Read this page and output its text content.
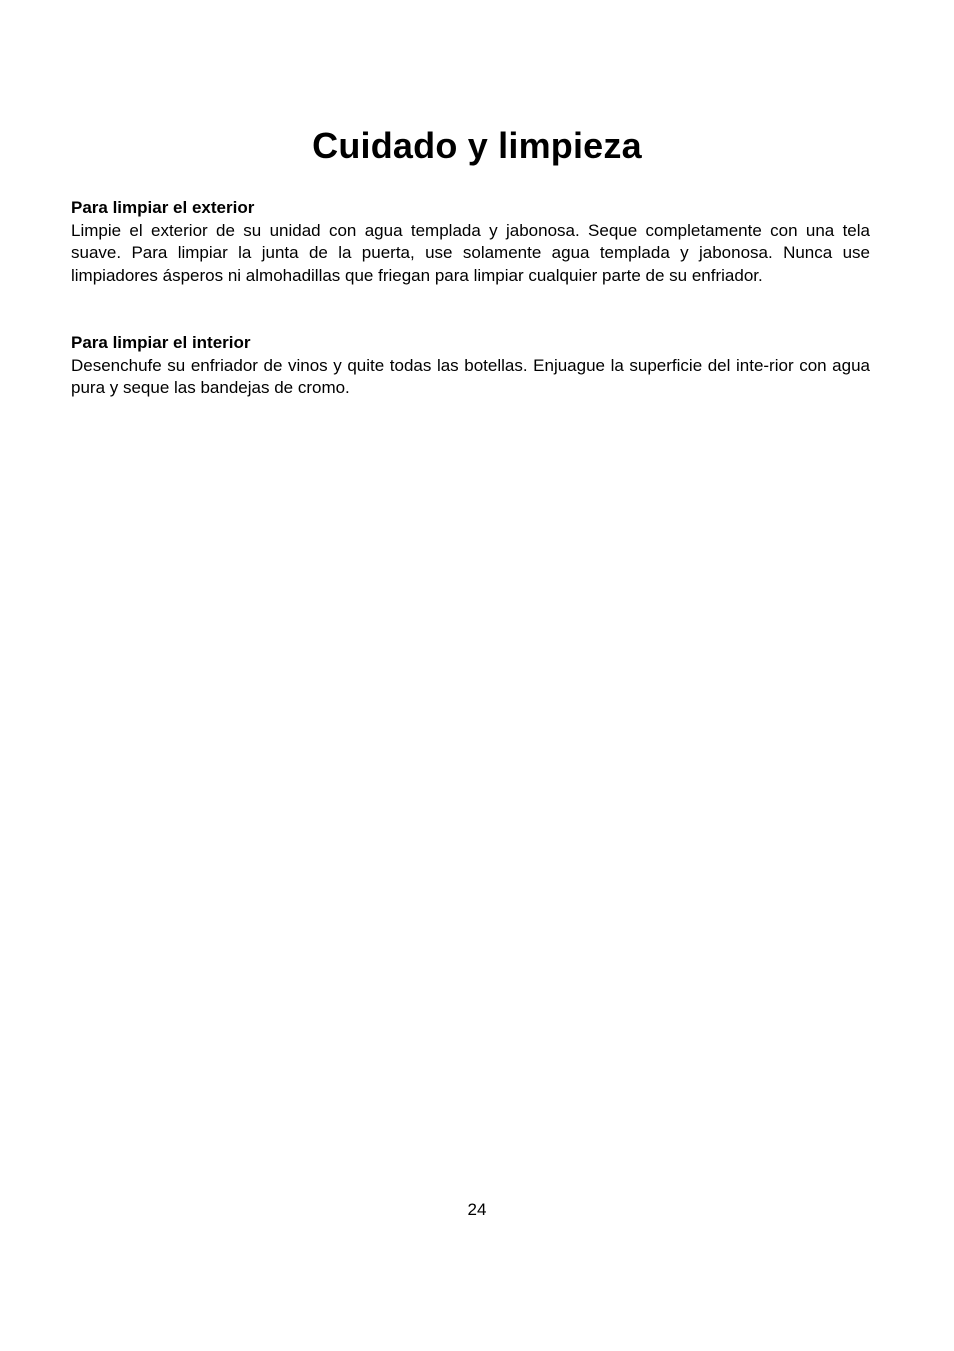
Cuidado y limpieza

Para limpiar el exterior

Limpie el exterior de su unidad con agua templada y jabonosa. Seque completamente con una tela suave. Para limpiar la junta de la puerta, use solamente agua templada y jabonosa. Nunca use limpiadores ásperos ni almohadillas que friegan para limpiar cualquier parte de su enfriador.

Para limpiar el interior

Desenchufe su enfriador de vinos y quite todas las botellas. Enjuague la superficie del inte-rior con agua pura y seque las bandejas de cromo.

24
